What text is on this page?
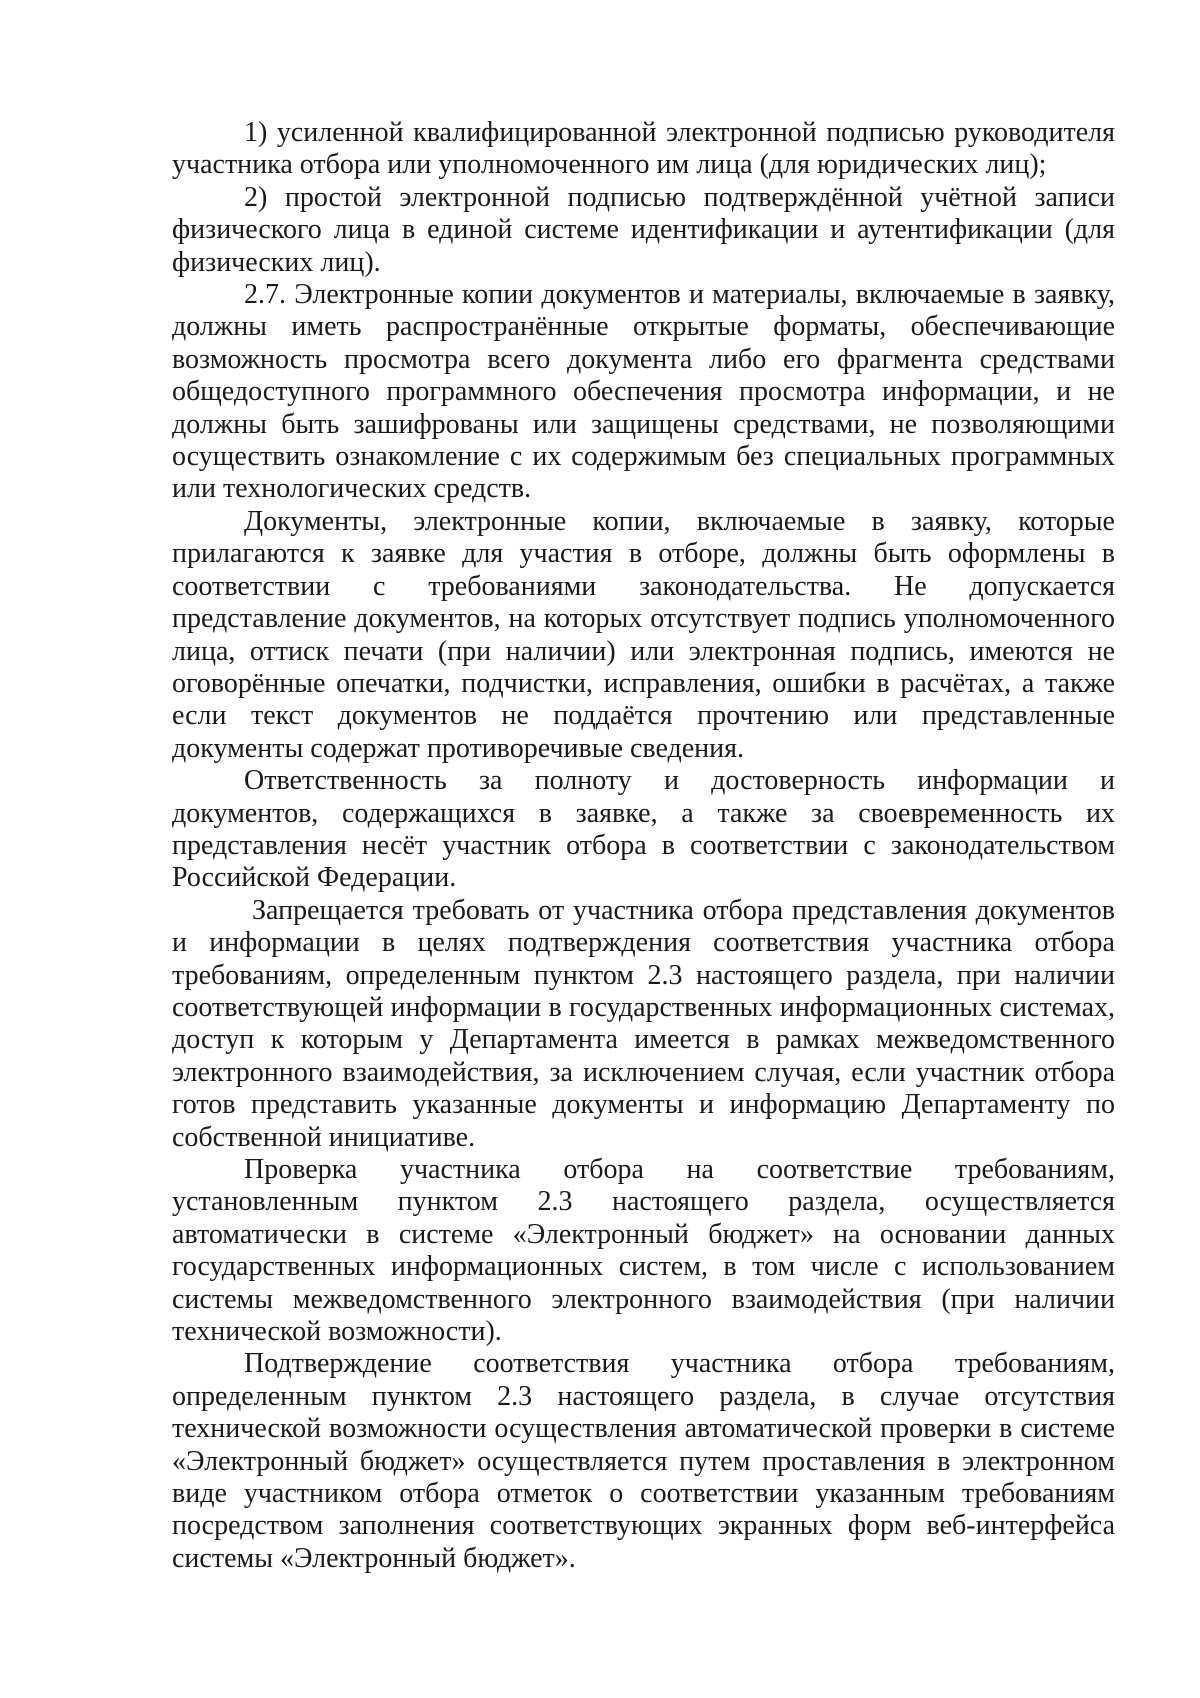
1) усиленной квалифицированной электронной подписью руководителя участника отбора или уполномоченного им лица (для юридических лиц);

2) простой электронной подписью подтверждённой учётной записи физического лица в единой системе идентификации и аутентификации (для физических лиц).

2.7. Электронные копии документов и материалы, включаемые в заявку, должны иметь распространённые открытые форматы, обеспечивающие возможность просмотра всего документа либо его фрагмента средствами общедоступного программного обеспечения просмотра информации, и не должны быть зашифрованы или защищены средствами, не позволяющими осуществить ознакомление с их содержимым без специальных программных или технологических средств.

Документы, электронные копии, включаемые в заявку, которые прилагаются к заявке для участия в отборе, должны быть оформлены в соответствии с требованиями законодательства. Не допускается представление документов, на которых отсутствует подпись уполномоченного лица, оттиск печати (при наличии) или электронная подпись, имеются не оговорённые опечатки, подчистки, исправления, ошибки в расчётах, а также если текст документов не поддаётся прочтению или представленные документы содержат противоречивые сведения.

Ответственность за полноту и достоверность информации и документов, содержащихся в заявке, а также за своевременность их представления несёт участник отбора в соответствии с законодательством Российской Федерации.

Запрещается требовать от участника отбора представления документов и информации в целях подтверждения соответствия участника отбора требованиям, определенным пунктом 2.3 настоящего раздела, при наличии соответствующей информации в государственных информационных системах, доступ к которым у Департамента имеется в рамках межведомственного электронного взаимодействия, за исключением случая, если участник отбора готов представить указанные документы и информацию Департаменту по собственной инициативе.

Проверка участника отбора на соответствие требованиям, установленным пунктом 2.3 настоящего раздела, осуществляется автоматически в системе «Электронный бюджет» на основании данных государственных информационных систем, в том числе с использованием системы межведомственного электронного взаимодействия (при наличии технической возможности).

Подтверждение соответствия участника отбора требованиям, определенным пунктом 2.3 настоящего раздела, в случае отсутствия технической возможности осуществления автоматической проверки в системе «Электронный бюджет» осуществляется путем проставления в электронном виде участником отбора отметок о соответствии указанным требованиям посредством заполнения соответствующих экранных форм веб-интерфейса системы «Электронный бюджет».
